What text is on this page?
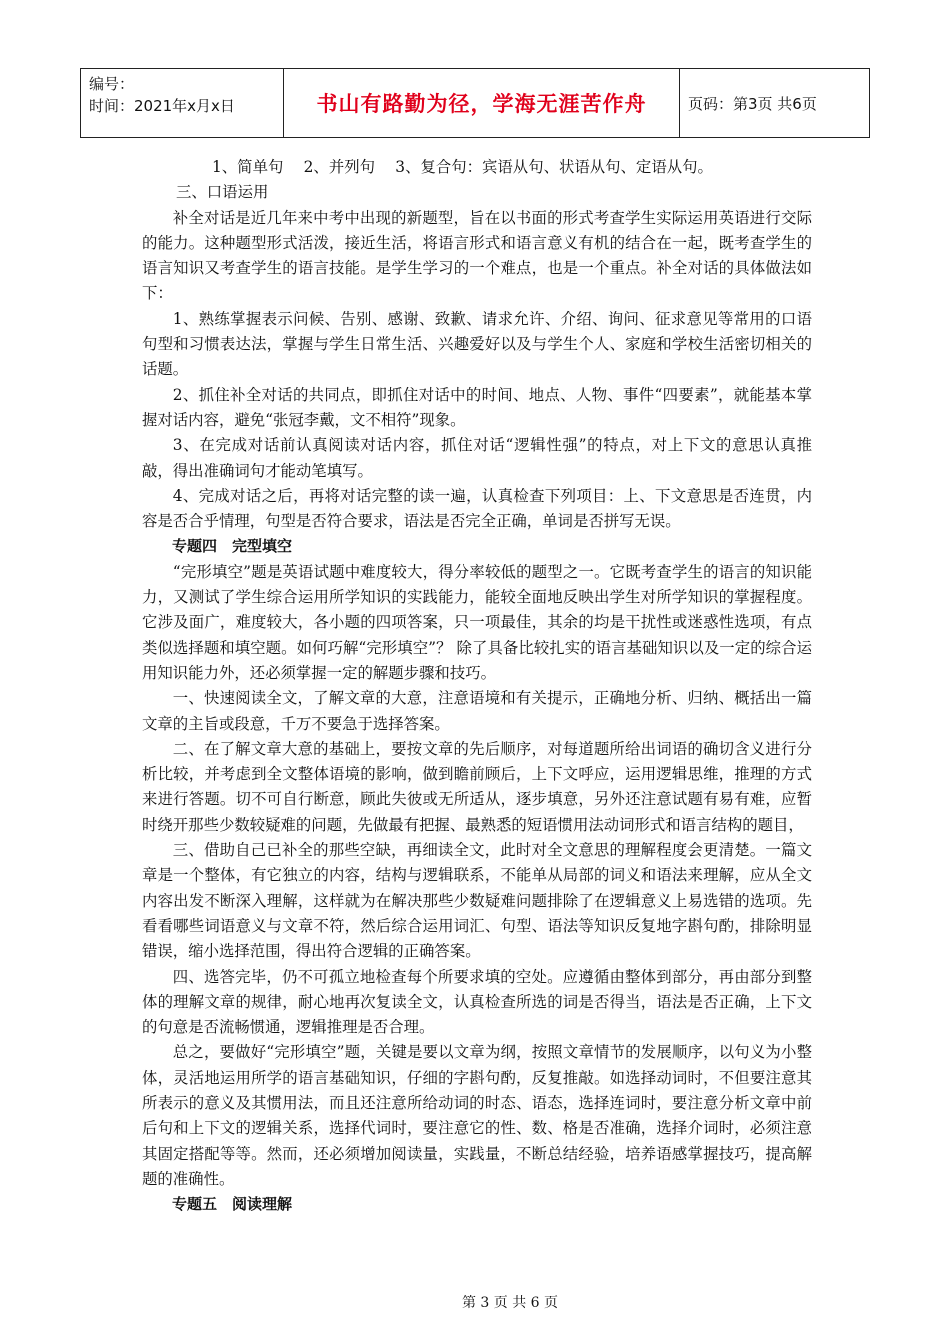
编号：
时间：2021年x月x日	书山有路勤为径，学海无涯苦作舟	页码：第3页 共6页

1、简单句　 2、并列句　 3、复合句：宾语从句、状语从句、定语从句。

三、口语运用

补全对话是近几年来中考中出现的新题型，旨在以书面的形式考查学生实际运用英语进行交际的能力。这种题型形式活泼，接近生活，将语言形式和语言意义有机的结合在一起，既考查学生的语言知识又考查学生的语言技能。是学生学习的一个难点，也是一个重点。补全对话的具体做法如下：

1、熟练掌握表示问候、告别、感谢、致歉、请求允许、介绍、询问、征求意见等常用的口语句型和习惯表达法，掌握与学生日常生活、兴趣爱好以及与学生个人、家庭和学校生活密切相关的话题。

2、抓住补全对话的共同点，即抓住对话中的时间、地点、人物、事件“四要素”，就能基本掌握对话内容，避免“张冠李戴，文不相符”现象。

3、在完成对话前认真阅读对话内容，抓住对话“逻辑性强”的特点，对上下文的意思认真推敲，得出准确词句才能动笔填写。

4、完成对话之后，再将对话完整的读一遍，认真检查下列项目：上、下文意思是否连贯，内容是否合乎情理，句型是否符合要求，语法是否完全正确，单词是否拼写无误。

专题四　完型填空

“完形填空”题是英语试题中难度较大，得分率较低的题型之一。它既考查学生的语言的知识能力，又测试了学生综合运用所学知识的实践能力，能较全面地反映出学生对所学知识的掌握程度。它涉及面广，难度较大，各小题的四项答案，只一项最佳，其余的均是干扰性或迷惑性选项，有点类似选择题和填空题。如何巧解“完形填空”？ 除了具备比较扎实的语言基础知识以及一定的综合运用知识能力外，还必须掌握一定的解题步骤和技巧。

一、快速阅读全文，了解文章的大意，注意语境和有关提示，正确地分析、归纳、概括出一篇文章的主旨或段意，千万不要急于选择答案。

二、在了解文章大意的基础上，要按文章的先后顺序，对每道题所给出词语的确切含义进行分析比较，并考虑到全文整体语境的影响，做到瞻前顾后，上下文呼应，运用逻辑思维，推理的方式来进行答题。切不可自行断意，顾此失彼或无所适从，逐步填意，另外还注意试题有易有难，应暂时绕开那些少数较疑难的问题，先做最有把握、最熟悉的短语惯用法动词形式和语言结构的题目，

三、借助自己已补全的那些空缺，再细读全文，此时对全文意思的理解程度会更清楚。一篇文章是一个整体，有它独立的内容，结构与逻辑联系，不能单从局部的词义和语法来理解，应从全文内容出发不断深入理解，这样就为在解决那些少数疑难问题排除了在逻辑意义上易选错的选项。先看看哪些词语意义与文章不符，然后综合运用词汇、句型、语法等知识反复地字斟句酌，排除明显错误，缩小选择范围，得出符合逻辑的正确答案。

四、选答完毕，仍不可孤立地检查每个所要求填的空处。应遵循由整体到部分，再由部分到整体的理解文章的规律，耐心地再次复读全文，认真检查所选的词是否得当，语法是否正确，上下文的句意是否流畅惯通，逻辑推理是否合理。

总之，要做好“完形填空”题，关键是要以文章为纲，按照文章情节的发展顺序，以句义为小整体，灵活地运用所学的语言基础知识，仔细的字斟句酌，反复推敲。如选择动词时，不但要注意其所表示的意义及其惯用法，而且还注意所给动词的时态、语态，选择连词时，要注意分析文章中前后句和上下文的逻辑关系，选择代词时，要注意它的性、数、格是否准确，选择介词时，必须注意其固定搭配等等。然而，还必须增加阅读量，实践量，不断总结经验，培养语感掌握技巧，提高解题的准确性。

专题五　阅读理解

第 3 页 共 6 页
